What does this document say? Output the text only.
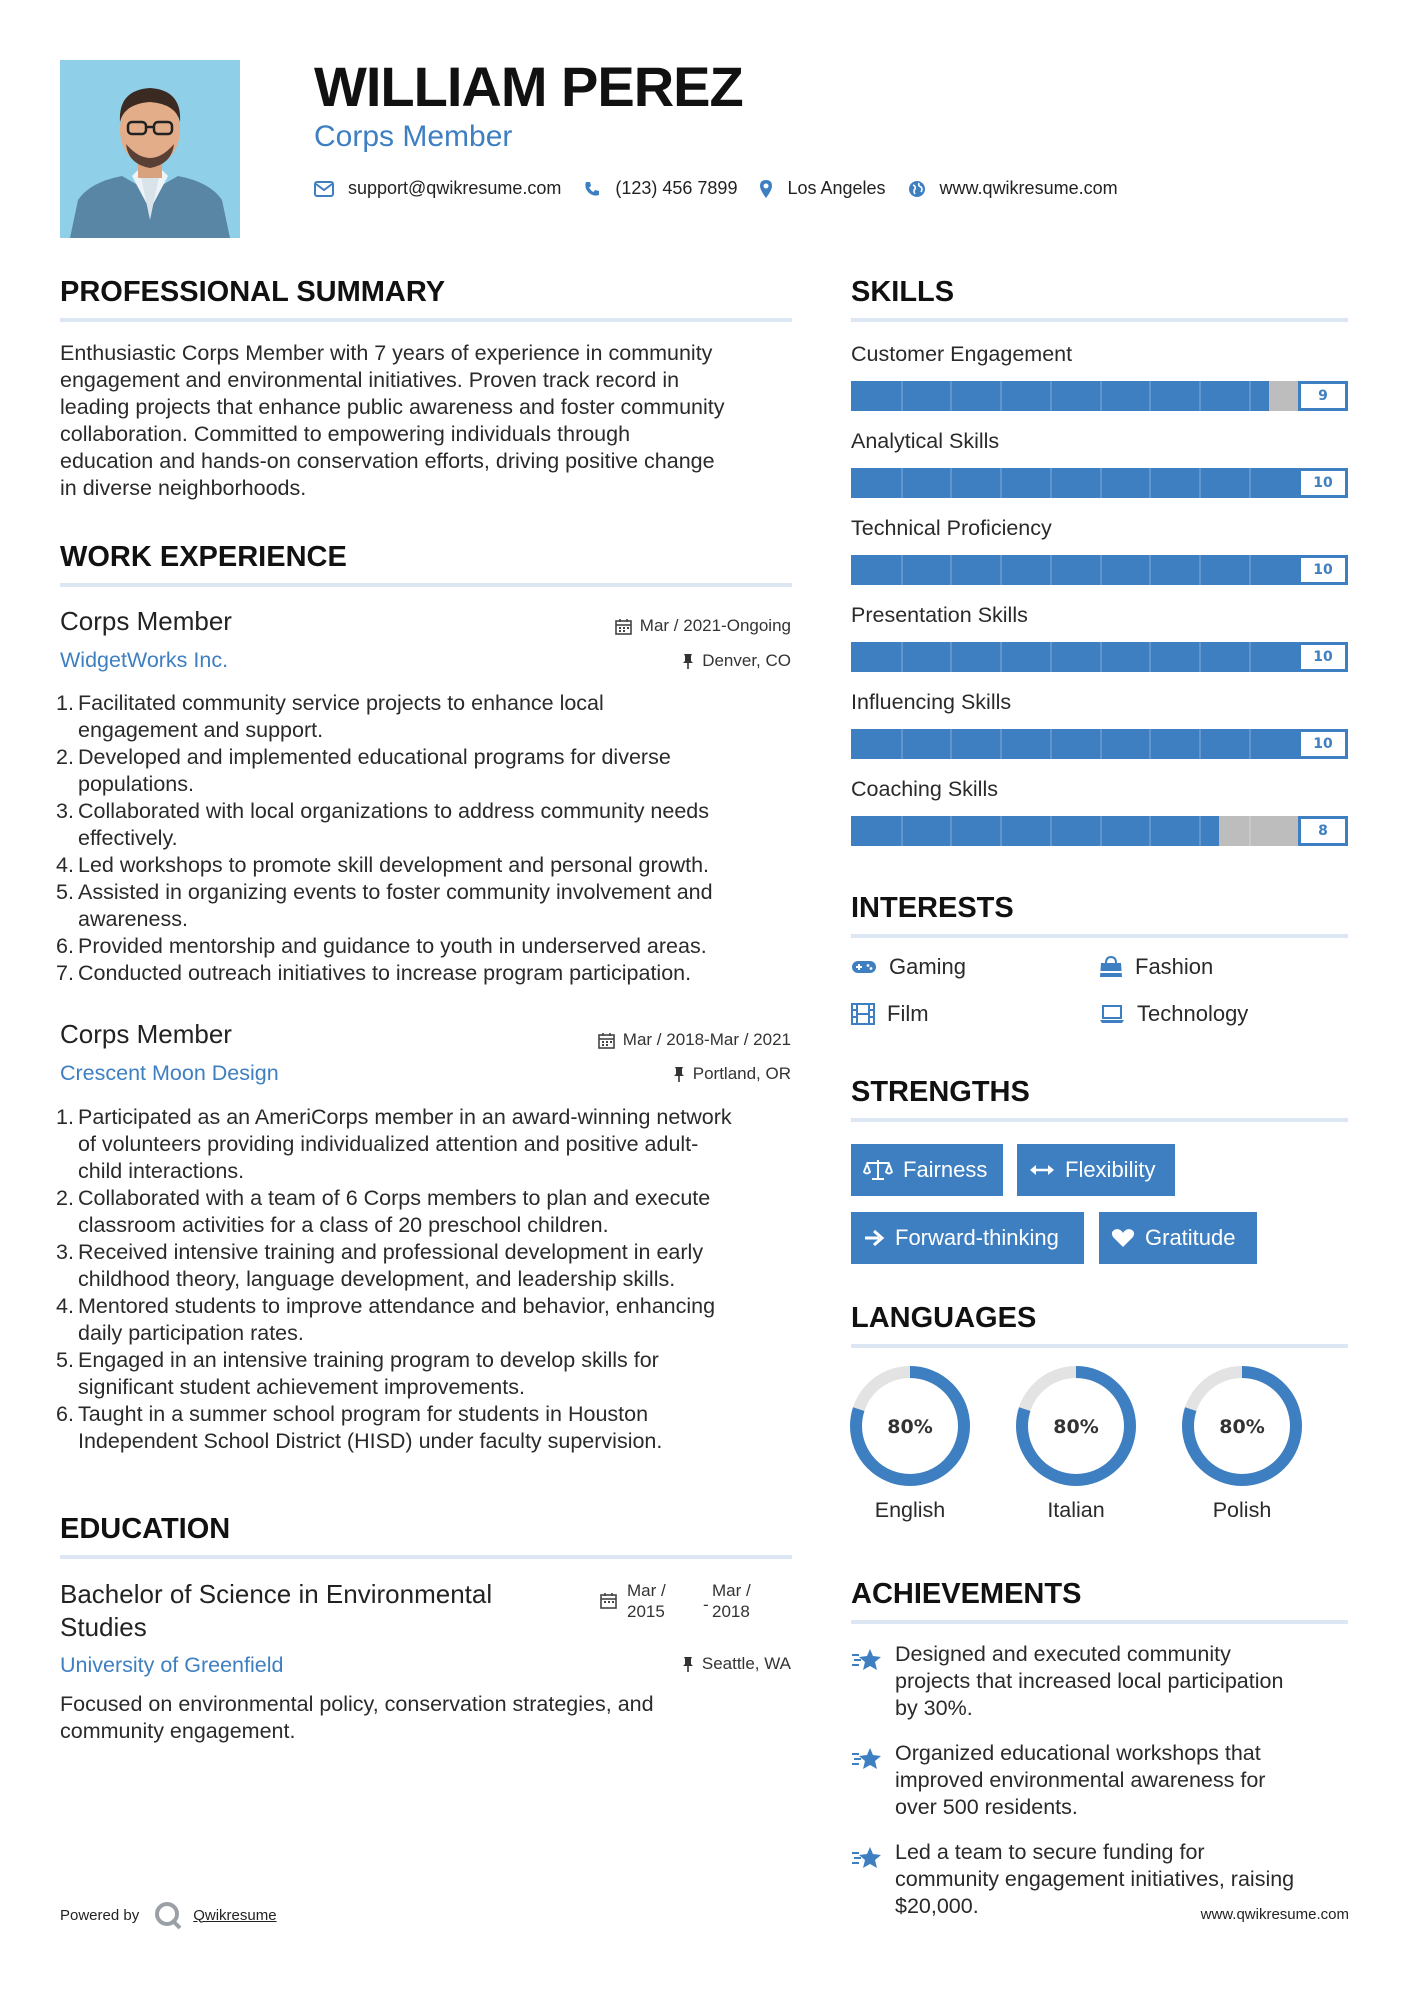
WILLIAM PEREZ
Corps Member
support@qwikresume.com	(123) 456 7899	Los Angeles	www.qwikresume.com
PROFESSIONAL SUMMARY
Enthusiastic Corps Member with 7 years of experience in community
engagement and environmental initiatives. Proven track record in
leading projects that enhance public awareness and foster community
collaboration. Committed to empowering individuals through
education and hands-on conservation efforts, driving positive change
in diverse neighborhoods.
WORK EXPERIENCE
Corps Member
WidgetWorks Inc.
Mar / 2021-Ongoing
Denver, CO
1. Facilitated community service projects to enhance local
engagement and support.
2. Developed and implemented educational programs for diverse
populations.
3. Collaborated with local organizations to address community needs
effectively.
4. Led workshops to promote skill development and personal growth.
5. Assisted in organizing events to foster community involvement and
awareness.
6. Provided mentorship and guidance to youth in underserved areas.
7. Conducted outreach initiatives to increase program participation.
Corps Member
Crescent Moon Design
Mar / 2018-Mar / 2021
Portland, OR
1. Participated as an AmeriCorps member in an award-winning network
of volunteers providing individualized attention and positive adult-
child interactions.
2. Collaborated with a team of 6 Corps members to plan and execute
classroom activities for a class of 20 preschool children.
3. Received intensive training and professional development in early
childhood theory, language development, and leadership skills.
4. Mentored students to improve attendance and behavior, enhancing
daily participation rates.
5. Engaged in an intensive training program to develop skills for
significant student achievement improvements.
6. Taught in a summer school program for students in Houston
Independent School District (HISD) under faculty supervision.
EDUCATION
Bachelor of Science in Environmental
Studies
University of Greenfield
Mar /
2015 -
Mar /
2018
Seattle, WA
Focused on environmental policy, conservation strategies, and
community engagement.
SKILLS
Customer Engagement
9
Analytical Skills
10
Technical Proficiency
10
Presentation Skills
10
Influencing Skills
10
Coaching Skills
8
INTERESTS
Gaming	Fashion
Film	Technology
STRENGTHS
Fairness	Flexibility
Forward-thinking	Gratitude
LANGUAGES
80%
English
80%
Italian
80%
Polish
ACHIEVEMENTS

Designed and executed community
projects that increased local participation
by 30%.

Organized educational workshops that
improved environmental awareness for
over 500 residents.

Led a team to secure funding for
community engagement initiatives, raising
$20,000.

Powered by	Qwikresume	www.qwikresume.com
